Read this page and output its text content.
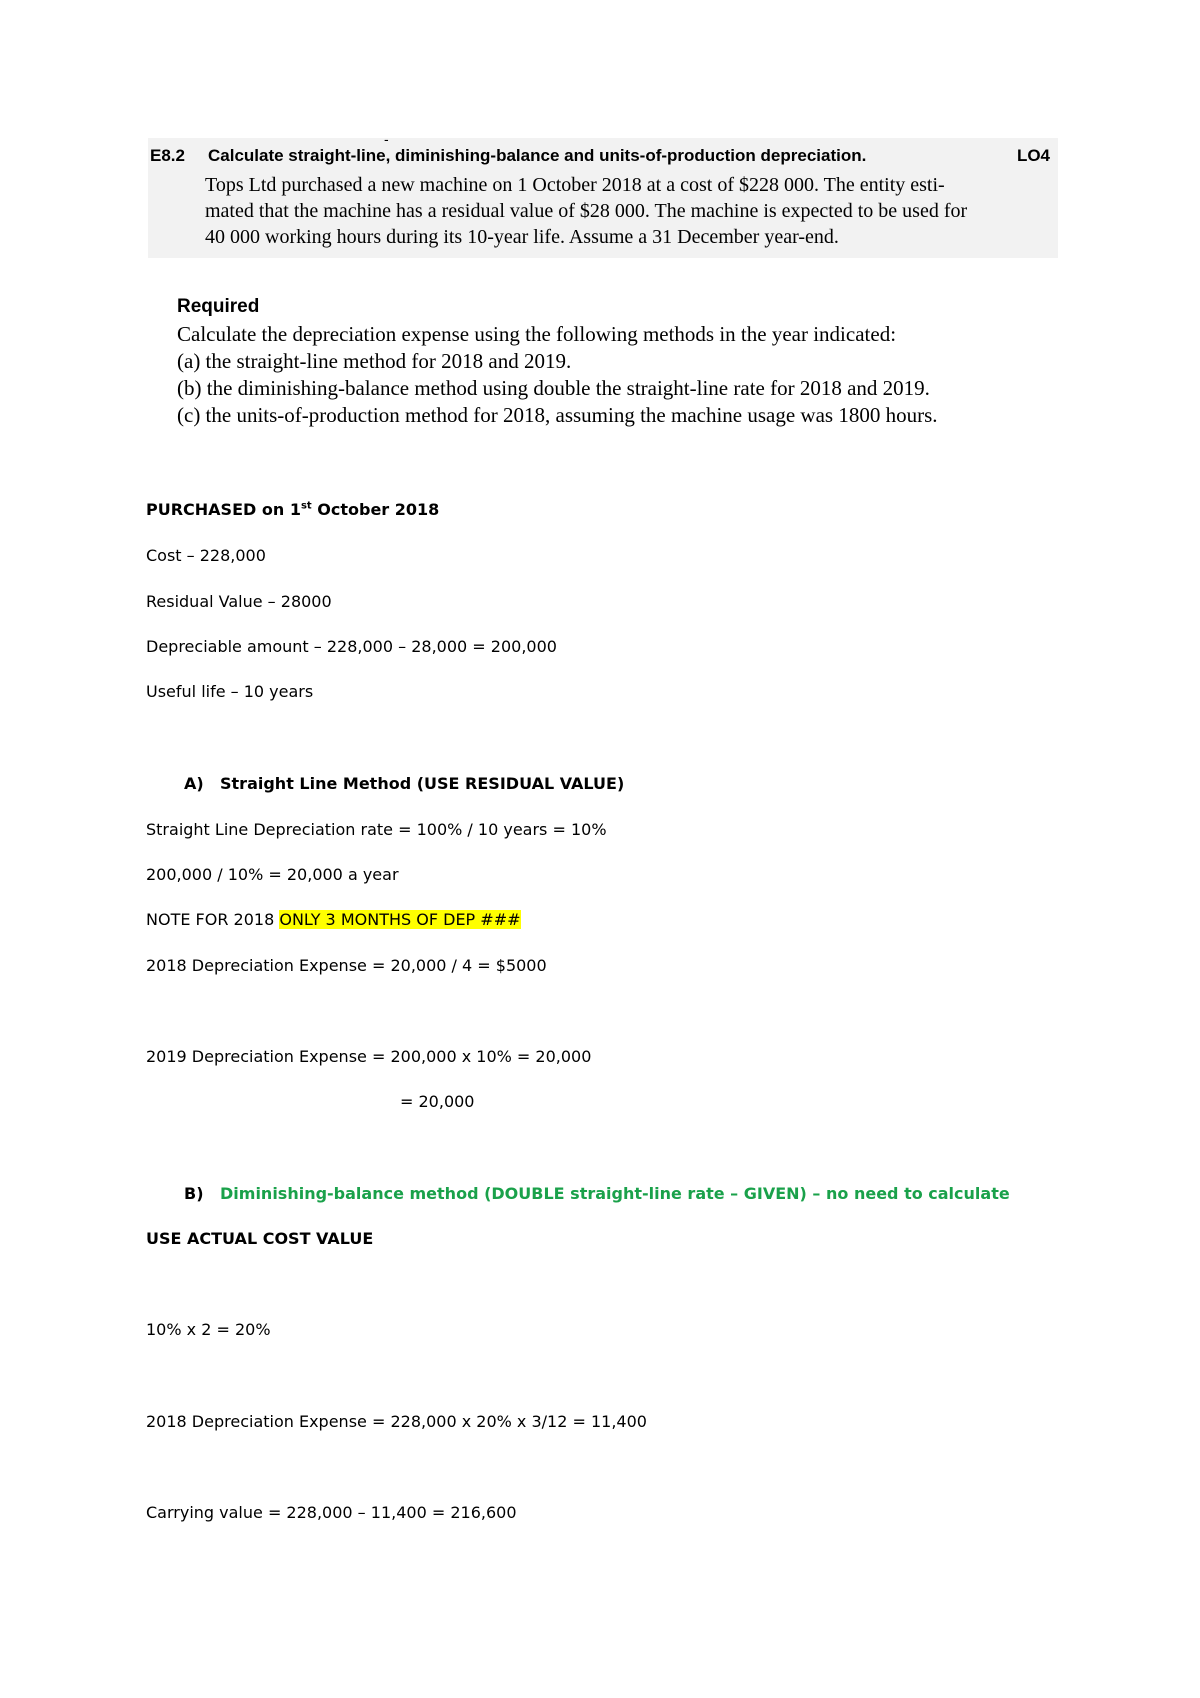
-
E8.2 Calculate straight-line, diminishing-balance and units-of-production depreciation.	LO4
Tops Ltd purchased a new machine on 1 October 2018 at a cost of $228 000. The entity esti-
mated that the machine has a residual value of $28 000. The machine is expected to be used for
40 000 working hours during its 10-year life. Assume a 31 December year-end.
Required
Calculate the depreciation expense using the following methods in the year indicated:
(a) the straight-line method for 2018 and 2019.
(b) the diminishing-balance method using double the straight-line rate for 2018 and 2019.
(c) the units-of-production method for 2018, assuming the machine usage was 1800 hours.
PURCHASED on 1st October 2018
Cost – 228,000
Residual Value – 28000
Depreciable amount – 228,000 – 28,000 = 200,000
Useful life – 10 years
A) Straight Line Method (USE RESIDUAL VALUE)
Straight Line Depreciation rate = 100% / 10 years = 10%
200,000 / 10% = 20,000 a year
NOTE FOR 2018 ONLY 3 MONTHS OF DEP ###
2018 Depreciation Expense = 20,000 / 4 = $5000
2019 Depreciation Expense = 200,000 x 10% = 20,000
= 20,000
B) Diminishing-balance method (DOUBLE straight-line rate – GIVEN) – no need to calculate
USE ACTUAL COST VALUE
10% x 2 = 20%
2018 Depreciation Expense = 228,000 x 20% x 3/12 = 11,400
Carrying value = 228,000 – 11,400 = 216,600
